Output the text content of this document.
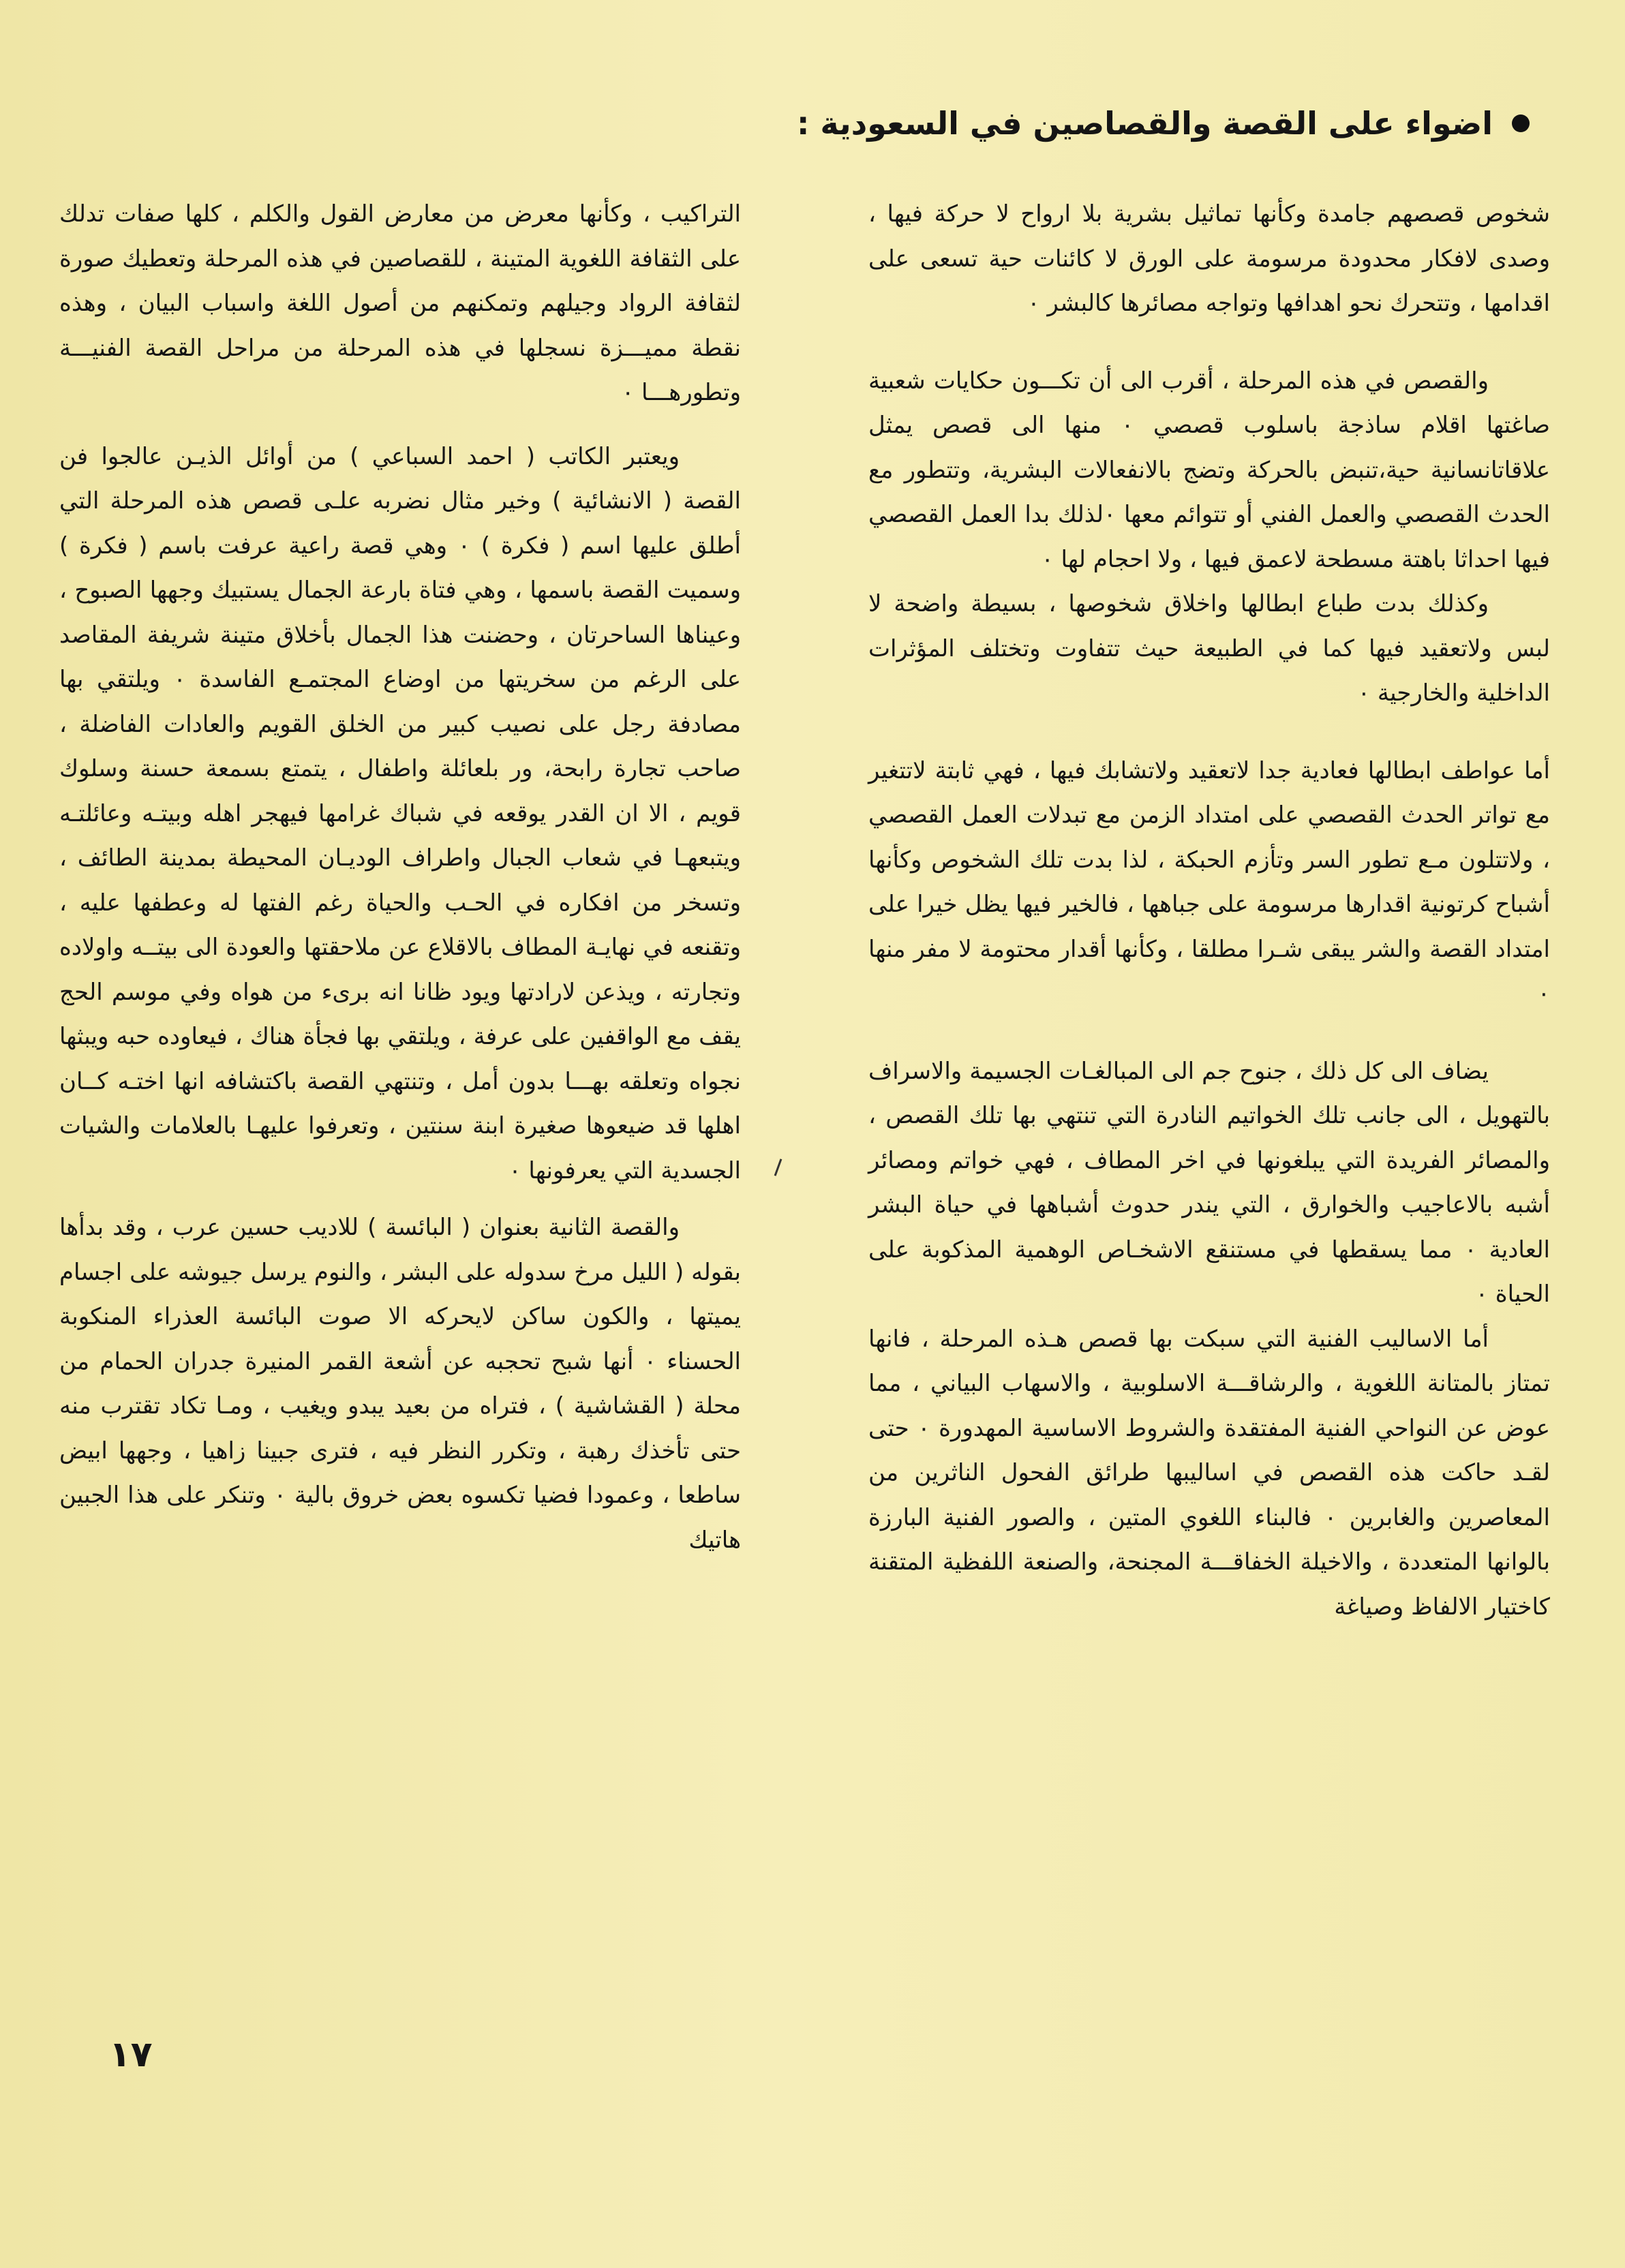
اضواء على القصة والقصاصين في السعودية :

شخوص قصصهم جامدة وكأنها تماثيل بشرية بلا ارواح لا حركة فيها ، وصدى لافكار محدودة مرسومة على الورق لا كائنات حية تسعى على اقدامها ، وتتحرك نحو اهدافها وتواجه مصائرها كالبشر ٠

والقصص في هذه المرحلة ، أقرب الى أن تكـــون حكايات شعبية صاغتها اقلام ساذجة باسلوب قصصي ٠ منها الى قصص يمثل علاقاتانسانية حية،تنبض بالحركة وتضج بالانفعالات البشرية، وتتطور مع الحدث القصصي والعمل الفني أو تتوائم معها ٠لذلك بدا العمل القصصي فيها احداثا باهتة مسطحة لاعمق فيها ، ولا احجام لها ٠

وكذلك بدت طباع ابطالها واخلاق شخوصها ، بسيطة واضحة لا لبس ولاتعقيد فيها كما في الطبيعة حيث تتفاوت وتختلف المؤثرات الداخلية والخارجية ٠

أما عواطف ابطالها فعادية جدا لاتعقيد ولاتشابك فيها ، فهي ثابتة لاتتغير مع تواتر الحدث القصصي على امتداد الزمن مع تبدلات العمل القصصي ، ولاتتلون مـع تطور السر وتأزم الحبكة ، لذا بدت تلك الشخوص وكأنها أشباح كرتونية اقدارها مرسومة على جباهها ، فالخير فيها يظل خيرا على امتداد القصة والشر يبقى شـرا مطلقا ، وكأنها أقدار محتومة لا مفر منها ٠

يضاف الى كل ذلك ، جنوح جم الى المبالغـات الجسيمة والاسراف بالتهويل ، الى جانب تلك الخواتيم النادرة التي تنتهي بها تلك القصص ، والمصائر الفريدة التي يبلغونها في اخر المطاف ، فهي خواتم ومصائر أشبه بالاعاجيب والخوارق ، التي يندر حدوث أشباهها في حياة البشر العادية ٠ مما يسقطها في مستنقع الاشخـاص الوهمية المذكوبة على الحياة ٠

أما الاساليب الفنية التي سبكت بها قصص هـذه المرحلة ، فانها تمتاز بالمتانة اللغوية ، والرشاقـــة الاسلوبية ، والاسهاب البياني ، مما عوض عن النواحي الفنية المفتقدة والشروط الاساسية المهدورة ٠ حتى لقـد حاكت هذه القصص في اساليبها طرائق الفحول الناثرين من المعاصرين والغابرين ٠ فالبناء اللغوي المتين ، والصور الفنية البارزة بالوانها المتعددة ، والاخيلة الخفاقـــة المجنحة، والصنعة اللفظية المتقنة كاختيار الالفاظ وصياغة

التراكيب ، وكأنها معرض من معارض القول والكلم ، كلها صفات تدلك على الثقافة اللغوية المتينة ، للقصاصين في هذه المرحلة وتعطيك صورة لثقافة الرواد وجيلهم وتمكنهم من أصول اللغة واسباب البيان ، وهذه نقطة مميـــزة نسجلها في هذه المرحلة من مراحل القصة الفنيـــة وتطورهـــا ٠

ويعتبر الكاتب ( احمد السباعي ) من أوائل الذيـن عالجوا فن القصة ( الانشائية ) وخير مثال نضربه علـى قصص هذه المرحلة التي أطلق عليها اسم ( فكرة ) ٠ وهي قصة راعية عرفت باسم ( فكرة ) وسميت القصة باسمها ، وهي فتاة بارعة الجمال يستبيك وجهها الصبوح ، وعيناها الساحرتان ، وحضنت هذا الجمال بأخلاق متينة شريفة المقاصد على الرغم من سخريتها من اوضاع المجتمـع الفاسدة ٠ ويلتقي بها مصادفة رجل على نصيب كبير من الخلق القويم والعادات الفاضلة ، صاحب تجارة رابحة، ور بلعائلة واطفال ، يتمتع بسمعة حسنة وسلوك قويم ، الا ان القدر يوقعه في شباك غرامها فيهجر اهله وبيتـه وعائلتـه ويتبعهـا في شعاب الجبال واطراف الوديـان المحيطة بمدينة الطائف ، وتسخر من افكاره في الحـب والحياة رغم الفتها له وعطفها عليه ، وتقنعه في نهايـة المطاف بالاقلاع عن ملاحقتها والعودة الى بيتــه واولاده وتجارته ، ويذعن لارادتها ويود ظانا انه برىء من هواه وفي موسم الحج يقف مع الواقفين على عرفة ، ويلتقي بها فجأة هناك ، فيعاوده حبه ويبثها نجواه وتعلقه بهـــا بدون أمل ، وتنتهي القصة باكتشافه انها اختـه كــان اهلها قد ضيعوها صغيرة ابنة سنتين ، وتعرفوا عليهـا بالعلامات والشيات الجسدية التي يعرفونها ٠

والقصة الثانية بعنوان ( البائسة ) للاديب حسين عرب ، وقد بدأها بقوله ( الليل مرخ سدوله على البشر ، والنوم يرسل جيوشه على اجسام يميتها ، والكون ساكن لايحركه الا صوت البائسة العذراء المنكوبة الحسناء ٠ أنها شبح تحجبه عن أشعة القمر المنيرة جدران الحمام من محلة ( القشاشية ) ، فتراه من بعيد يبدو ويغيب ، ومـا تكاد تقترب منه حتى تأخذك رهبة ، وتكرر النظر فيه ، فترى جبينا زاهيا ، وجهها ابيض ساطعا ، وعمودا فضيا تكسوه بعض خروق بالية ٠ وتنكر على هذا الجبين هاتيك

١٧
